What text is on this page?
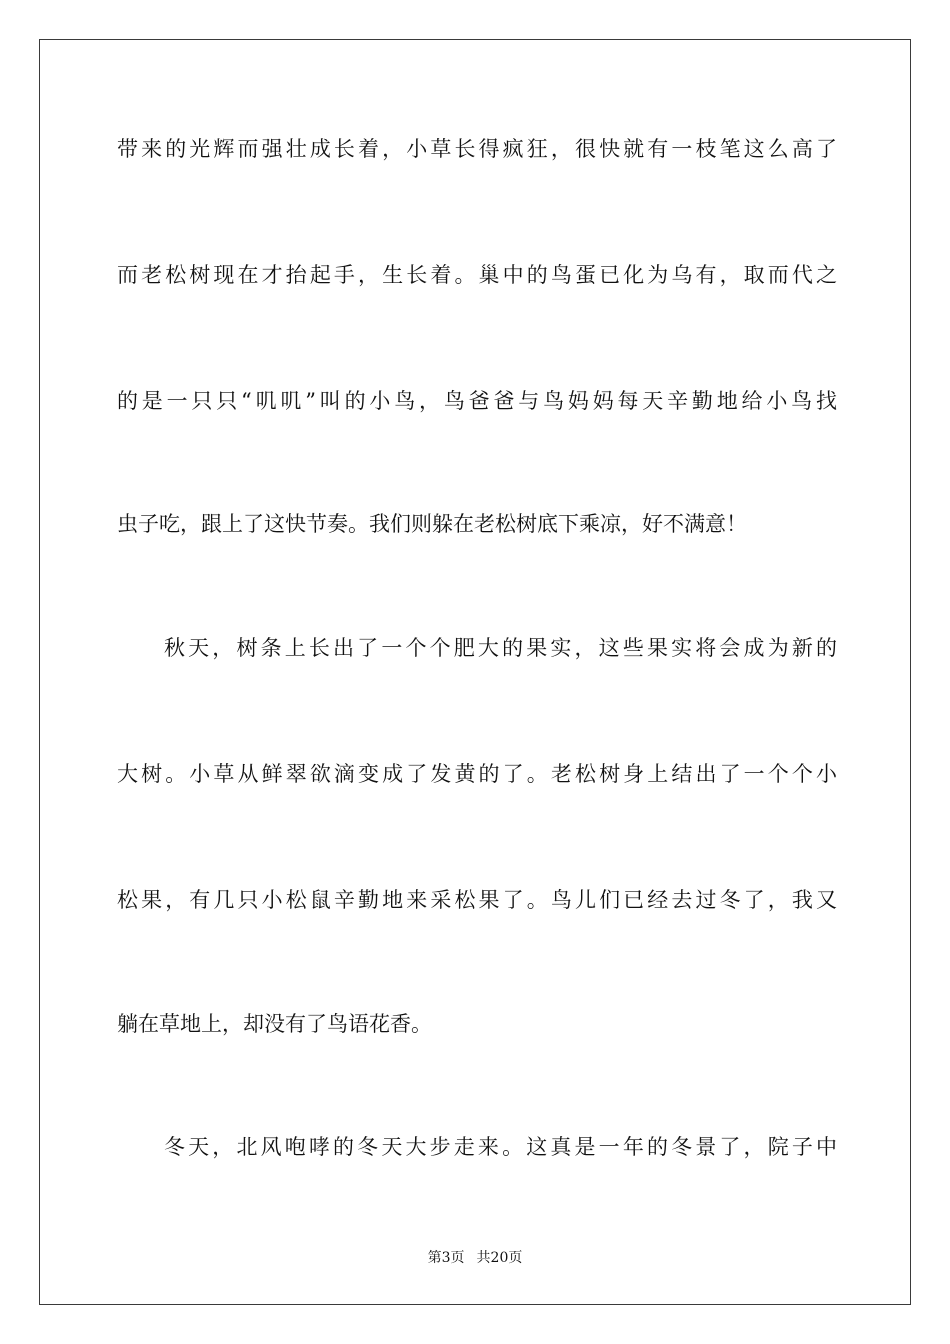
带来的光辉而强壮成长着，小草长得疯狂，很快就有一枝笔这么高了

而老松树现在才抬起手，生长着。巢中的鸟蛋已化为乌有，取而代之

的是一只只“叽叽”叫的小鸟，鸟爸爸与鸟妈妈每天辛勤地给小鸟找

虫子吃，跟上了这快节奏。我们则躲在老松树底下乘凉，好不满意！

秋天，树条上长出了一个个肥大的果实，这些果实将会成为新的

大树。小草从鲜翠欲滴变成了发黄的了。老松树身上结出了一个个小

松果，有几只小松鼠辛勤地来采松果了。鸟儿们已经去过冬了，我又

躺在草地上，却没有了鸟语花香。

冬天，北风咆哮的冬天大步走来。这真是一年的冬景了，院子中

第3页 共20页
